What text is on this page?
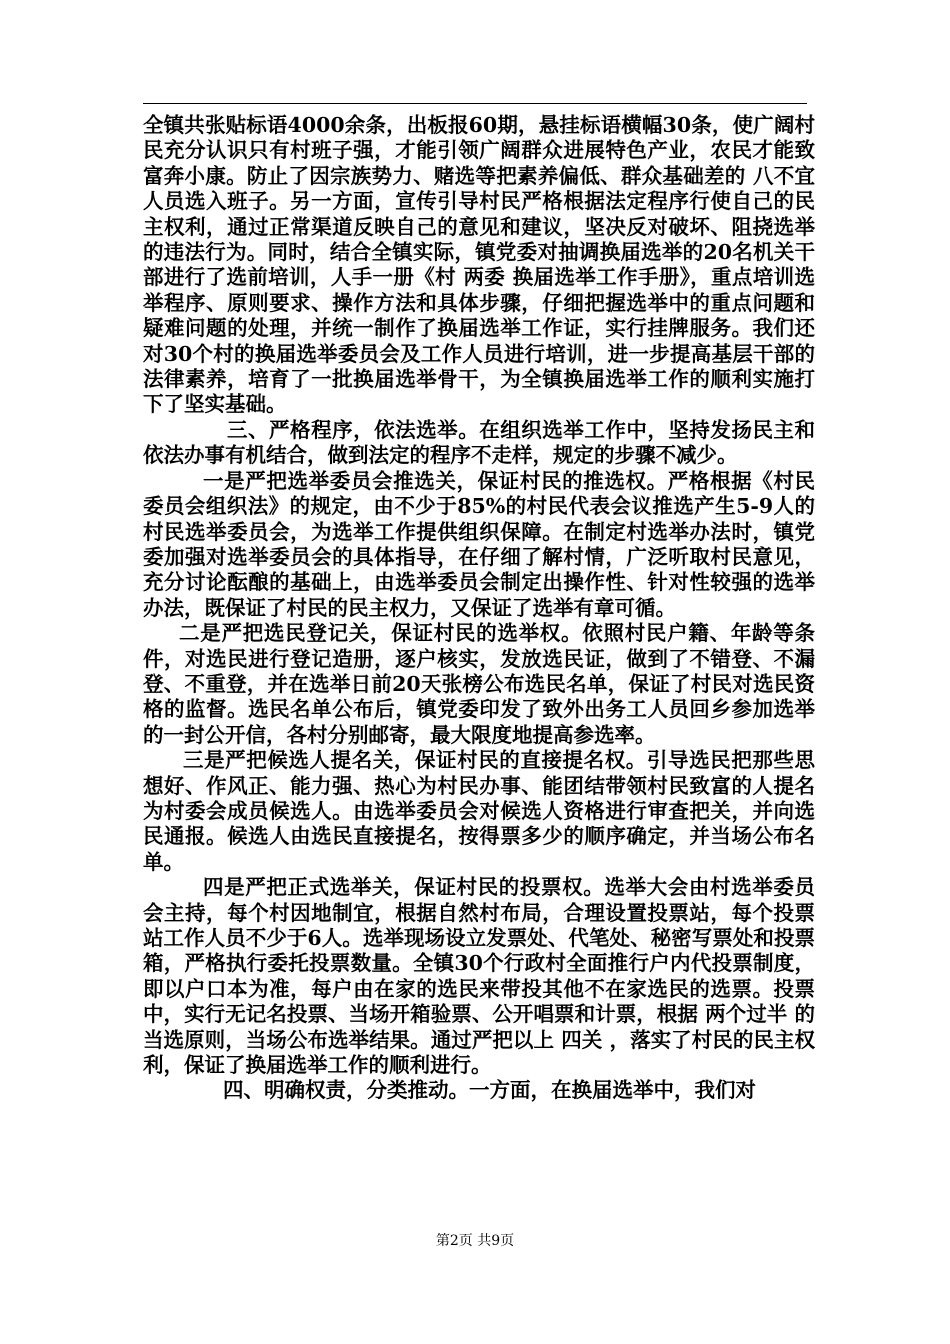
全镇共张贴标语4000余条，出板报60期，悬挂标语横幅30条，使广阔村民充分认识只有村班子强，才能引领广阔群众进展特色产业，农民才能致富奔小康。防止了因宗族势力、赌选等把素养偏低、群众基础差的 八不宜 人员选入班子。另一方面，宣传引导村民严格根据法定程序行使自己的民主权利，通过正常渠道反映自己的意见和建议，坚决反对破坏、阻挠选举的违法行为。同时，结合全镇实际，镇党委对抽调换届选举的20名机关干部进行了选前培训，人手一册《村 两委 换届选举工作手册》，重点培训选举程序、原则要求、操作方法和具体步骤，仔细把握选举中的重点问题和疑难问题的处理，并统一制作了换届选举工作证，实行挂牌服务。我们还对30个村的换届选举委员会及工作人员进行培训，进一步提高基层干部的法律素养，培育了一批换届选举骨干，为全镇换届选举工作的顺利实施打下了坚实基础。

三、严格程序，依法选举。在组织选举工作中，坚持发扬民主和依法办事有机结合，做到法定的程序不走样，规定的步骤不减少。

一是严把选举委员会推选关，保证村民的推选权。严格根据《村民委员会组织法》的规定，由不少于85%的村民代表会议推选产生5-9人的村民选举委员会，为选举工作提供组织保障。在制定村选举办法时，镇党委加强对选举委员会的具体指导，在仔细了解村情，广泛听取村民意见，充分讨论酝酿的基础上，由选举委员会制定出操作性、针对性较强的选举办法，既保证了村民的民主权力，又保证了选举有章可循。

二是严把选民登记关，保证村民的选举权。依照村民户籍、年龄等条件，对选民进行登记造册，逐户核实，发放选民证，做到了不错登、不漏登、不重登，并在选举日前20天张榜公布选民名单，保证了村民对选民资格的监督。选民名单公布后，镇党委印发了致外出务工人员回乡参加选举的一封公开信，各村分别邮寄，最大限度地提高参选率。

三是严把候选人提名关，保证村民的直接提名权。引导选民把那些思想好、作风正、能力强、热心为村民办事、能团结带领村民致富的人提名为村委会成员候选人。由选举委员会对候选人资格进行审查把关，并向选民通报。候选人由选民直接提名，按得票多少的顺序确定，并当场公布名单。

四是严把正式选举关，保证村民的投票权。选举大会由村选举委员会主持，每个村因地制宜，根据自然村布局，合理设置投票站，每个投票站工作人员不少于6人。选举现场设立发票处、代笔处、秘密写票处和投票箱，严格执行委托投票数量。全镇30个行政村全面推行户内代投票制度，即以户口本为准，每户由在家的选民来带投其他不在家选民的选票。投票中，实行无记名投票、当场开箱验票、公开唱票和计票，根据 两个过半 的当选原则，当场公布选举结果。通过严把以上 四关 ，落实了村民的民主权利，保证了换届选举工作的顺利进行。

四、明确权责，分类推动。一方面，在换届选举中，我们对

第2页 共9页
